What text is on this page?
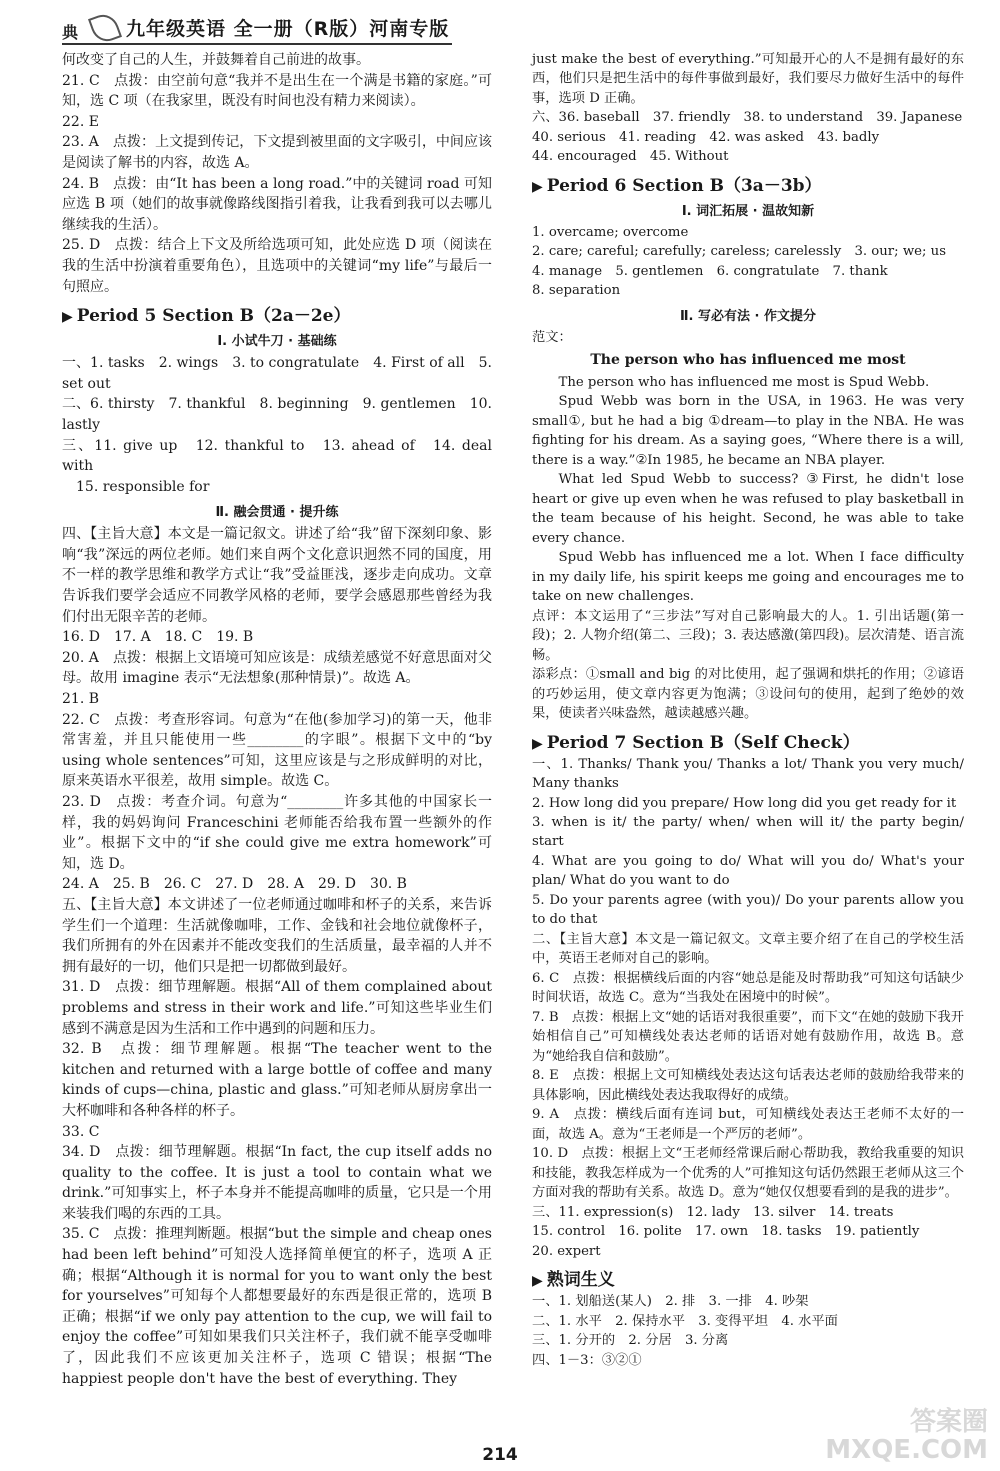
典	九年级英语 全一册（R版）河南专版

何改变了自己的人生，并鼓舞着自己前进的故事。

21. C　点拨：由空前句意“我并不是出生在一个满是书籍的家庭。”可知，选 C 项（在我家里，既没有时间也没有精力来阅读）。

22. E

23. A　点拨：上文提到传记，下文提到被里面的文字吸引，中间应该是阅读了解书的内容，故选 A。

24. B　点拨：由“It has been a long road.”中的关键词 road 可知应选 B 项（她们的故事就像路线图指引着我，让我看到我可以去哪儿继续我的生活）。

25. D　点拨：结合上下文及所给选项可知，此处应选 D 项（阅读在我的生活中扮演着重要角色），且选项中的关键词“my life”与最后一句照应。

▶ Period 5 Section B（2a－2e）
Ⅰ. 小试牛刀 · 基础练

一、1. tasks　2. wings　3. to congratulate　4. First of all　5. set out

二、6. thirsty　7. thankful　8. beginning　9. gentlemen　10. lastly

三、11. give up　12. thankful to　13. ahead of　14. deal with

　15. responsible for

Ⅱ. 融会贯通 · 提升练

四、【主旨大意】本文是一篇记叙文。讲述了给“我”留下深刻印象、影响“我”深远的两位老师。她们来自两个文化意识迥然不同的国度，用不一样的教学思维和教学方式让“我”受益匪浅，逐步走向成功。文章告诉我们要学会适应不同教学风格的老师，要学会感恩那些曾经为我们付出无限辛苦的老师。

16. D　17. A　18. C　19. B

20. A　点拨：根据上文语境可知应该是：成绩差感觉不好意思面对父母。故用 imagine 表示“无法想象(那种情景)”。故选 A。

21. B

22. C　点拨：考查形容词。句意为“在他(参加学习)的第一天，他非常害羞，并且只能使用一些________的字眼”。根据下文中的“by using whole sentences”可知，这里应该是与之形成鲜明的对比，原来英语水平很差，故用 simple。故选 C。

23. D　点拨：考查介词。句意为“________许多其他的中国家长一样，我的妈妈询问 Franceschini 老师能否给我布置一些额外的作业”。根据下文中的“if she could give me extra homework”可知，选 D。

24. A　25. B　26. C　27. D　28. A　29. D　30. B

五、【主旨大意】本文讲述了一位老师通过咖啡和杯子的关系，来告诉学生们一个道理：生活就像咖啡，工作、金钱和社会地位就像杯子，我们所拥有的外在因素并不能改变我们的生活质量，最幸福的人并不拥有最好的一切，他们只是把一切都做到最好。

31. D　点拨：细节理解题。根据“All of them complained about problems and stress in their work and life.”可知这些毕业生们感到不满意是因为生活和工作中遇到的问题和压力。

32. B　点拨：细节理解题。根据“The teacher went to the kitchen and returned with a large bottle of coffee and many kinds of cups—china, plastic and glass.”可知老师从厨房拿出一大杯咖啡和各种各样的杯子。

33. C

34. D　点拨：细节理解题。根据“In fact, the cup itself adds no quality to the coffee. It is just a tool to contain what we drink.”可知事实上，杯子本身并不能提高咖啡的质量，它只是一个用来装我们喝的东西的工具。

35. C　点拨：推理判断题。根据“but the simple and cheap ones had been left behind”可知没人选择简单便宜的杯子，选项 A 正确；根据“Although it is normal for you to want only the best for yourselves”可知每个人都想要最好的东西是很正常的，选项 B 正确；根据“if we only pay attention to the cup, we will fail to enjoy the coffee”可知如果我们只关注杯子，我们就不能享受咖啡了，因此我们不应该更加关注杯子，选项 C 错误；根据“The happiest people don't have the best of everything. They

just make the best of everything.”可知最开心的人不是拥有最好的东西，他们只是把生活中的每件事做到最好，我们要尽力做好生活中的每件事，选项 D 正确。

六、36. baseball　37. friendly　38. to understand　39. Japanese

40. serious　41. reading　42. was asked　43. badly

44. encouraged　45. Without

▶ Period 6 Section B（3a－3b）
Ⅰ. 词汇拓展 · 温故知新

1. overcame; overcome

2. care; careful; carefully; careless; carelessly　3. our; we; us

4. manage　5. gentlemen　6. congratulate　7. thank

8. separation

Ⅱ. 写必有法 · 作文提分

范文：

The person who has influenced me most

The person who has influenced me most is Spud Webb.

Spud Webb was born in the USA, in 1963. He was very small①, but he had a big ①dream—to play in the NBA. He was fighting for his dream. As a saying goes, “Where there is a will, there is a way.”②In 1985, he became an NBA player.

What led Spud Webb to success? ③First, he didn't lose heart or give up even when he was refused to play basketball in the team because of his height. Second, he was able to take every chance.

Spud Webb has influenced me a lot. When I face difficulty in my daily life, his spirit keeps me going and encourages me to take on new challenges.

点评：本文运用了“三步法”写对自己影响最大的人。1. 引出话题(第一段)；2. 人物介绍(第二、三段)；3. 表达感激(第四段)。层次清楚、语言流畅。

添彩点：①small and big 的对比使用，起了强调和烘托的作用；②谚语的巧妙运用，使文章内容更为饱满；③设问句的使用，起到了绝妙的效果，使读者兴味盎然，越读越感兴趣。

▶ Period 7 Section B（Self Check）

一、1. Thanks/ Thank you/ Thanks a lot/ Thank you very much/ Many thanks

2. How long did you prepare/ How long did you get ready for it

3. when is it/ the party/ when/ when will it/ the party begin/ start

4. What are you going to do/ What will you do/ What's your plan/ What do you want to do

5. Do your parents agree (with you)/ Do your parents allow you to do that

二、【主旨大意】本文是一篇记叙文。文章主要介绍了在自己的学校生活中，英语王老师对自己的影响。

6. C　点拨：根据横线后面的内容“她总是能及时帮助我”可知这句话缺少时间状语，故选 C。意为“当我处在困境中的时候”。

7. B　点拨：根据上文“她的话语对我很重要”，而下文“在她的鼓励下我开始相信自己”可知横线处表达老师的话语对她有鼓励作用，故选 B。意为“她给我自信和鼓励”。

8. E　点拨：根据上文可知横线处表达这句话表达老师的鼓励给我带来的具体影响，因此横线处表达我取得好的成绩。

9. A　点拨：横线后面有连词 but，可知横线处表达王老师不太好的一面，故选 A。意为“王老师是一个严厉的老师”。

10. D　点拨：根据上文“王老师经常课后耐心帮助我，教给我重要的知识和技能，教我怎样成为一个优秀的人”可推知这句话仍然跟王老师从这三个方面对我的帮助有关系。故选 D。意为“她仅仅想要看到的是我的进步”。

三、11. expression(s)　12. lady　13. silver　14. treats

15. control　16. polite　17. own　18. tasks　19. patiently

20. expert

▶ 熟词生义

一、1. 划船送(某人)　2. 排　3. 一排　4. 吵架

二、1. 水平　2. 保持水平　3. 变得平坦　4. 水平面

三、1. 分开的　2. 分居　3. 分离

四、1－3：③②①

214
答案圈
MXQE.COM
